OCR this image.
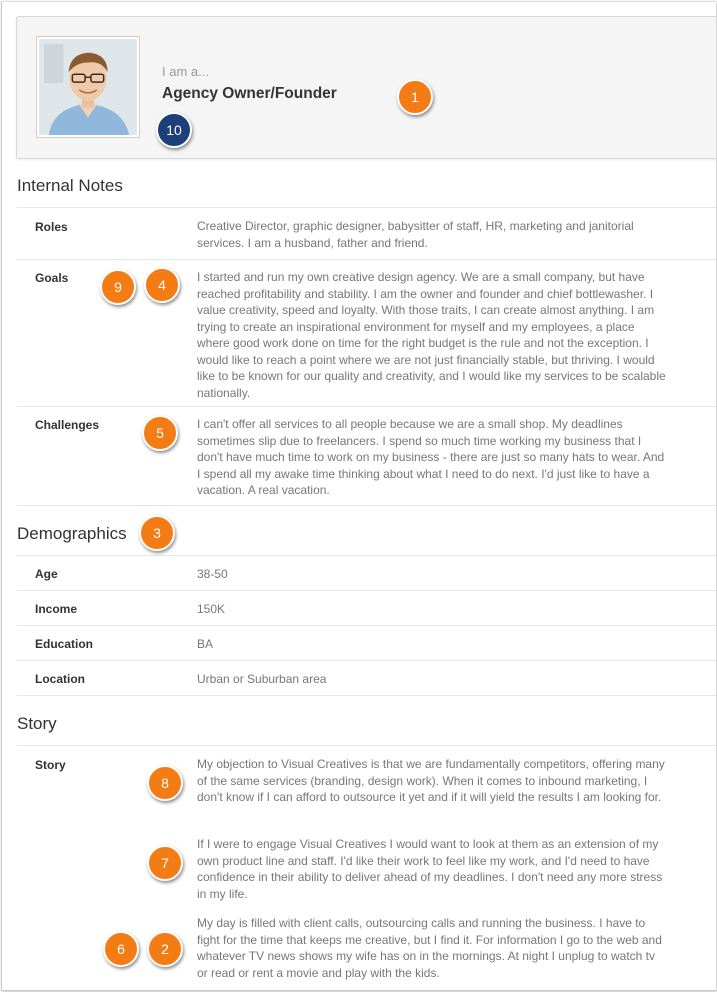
I am a...
Agency Owner/Founder
Internal Notes
Roles	Creative Director, graphic designer, babysitter of staff, HR, marketing and janitorial services. I am a husband, father and friend.
Goals	I started and run my own creative design agency. We are a small company, but have reached profitability and stability. I am the owner and founder and chief bottlewasher. I value creativity, speed and loyalty. With those traits, I can create almost anything. I am trying to create an inspirational environment for myself and my employees, a place where good work done on time for the right budget is the rule and not the exception. I would like to reach a point where we are not just financially stable, but thriving. I would like to be known for our quality and creativity, and I would like my services to be scalable nationally.
Challenges	I can't offer all services to all people because we are a small shop. My deadlines sometimes slip due to freelancers. I spend so much time working my business that I don't have much time to work on my business - there are just so many hats to wear. And I spend all my awake time thinking about what I need to do next. I'd just like to have a vacation. A real vacation.
Demographics
Age	38-50
Income	150K
Education	BA
Location	Urban or Suburban area
Story
Story	My objection to Visual Creatives is that we are fundamentally competitors, offering many of the same services (branding, design work). When it comes to inbound marketing, I don't know if I can afford to outsource it yet and if it will yield the results I am looking for.
If I were to engage Visual Creatives I would want to look at them as an extension of my own product line and staff. I'd like their work to feel like my work, and I'd need to have confidence in their ability to deliver ahead of my deadlines. I don't need any more stress in my life.
My day is filled with client calls, outsourcing calls and running the business. I have to fight for the time that keeps me creative, but I find it. For information I go to the web and whatever TV news shows my wife has on in the mornings. At night I unplug to watch tv or read or rent a movie and play with the kids.
1
10
9	4
5
3
8
7
6	2
